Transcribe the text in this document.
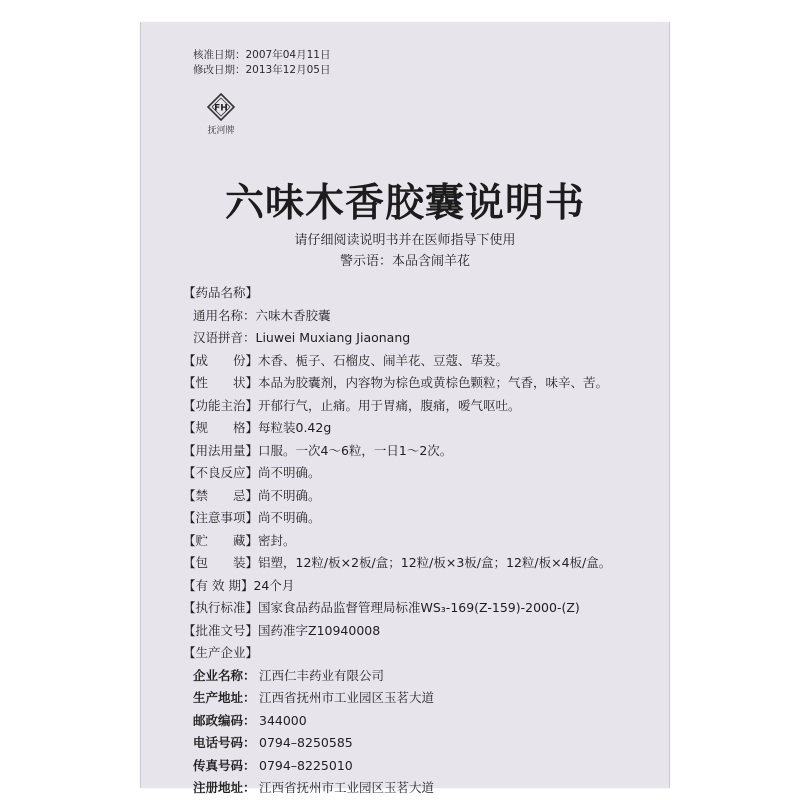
核准日期：2007年04月11日
修改日期：2013年12月05日
FH
抚河牌
六味木香胶囊说明书
请仔细阅读说明书并在医师指导下使用
警示语：本品含闹羊花
【药品名称】
通用名称：六味木香胶囊
汉语拼音：Liuwei Muxiang Jiaonang
【成　　份】木香、栀子、石榴皮、闹羊花、豆蔻、荜茇。
【性　　状】本品为胶囊剂，内容物为棕色或黄棕色颗粒；气香，味辛、苦。
【功能主治】开郁行气，止痛。用于胃痛，腹痛，嗳气呕吐。
【规　　格】每粒装0.42g
【用法用量】口服。一次4～6粒，一日1～2次。
【不良反应】尚不明确。
【禁　　忌】尚不明确。
【注意事项】尚不明确。
【贮　　藏】密封。
【包　　装】铝塑，12粒/板×2板/盒；12粒/板×3板/盒；12粒/板×4板/盒。
【有 效 期】24个月
【执行标准】国家食品药品监督管理局标准WS₃-169(Z-159)-2000-(Z)
【批准文号】国药准字Z10940008
【生产企业】
企业名称： 江西仁丰药业有限公司
生产地址： 江西省抚州市工业园区玉茗大道
邮政编码： 344000
电话号码： 0794–8250585
传真号码： 0794–8225010
注册地址： 江西省抚州市工业园区玉茗大道
